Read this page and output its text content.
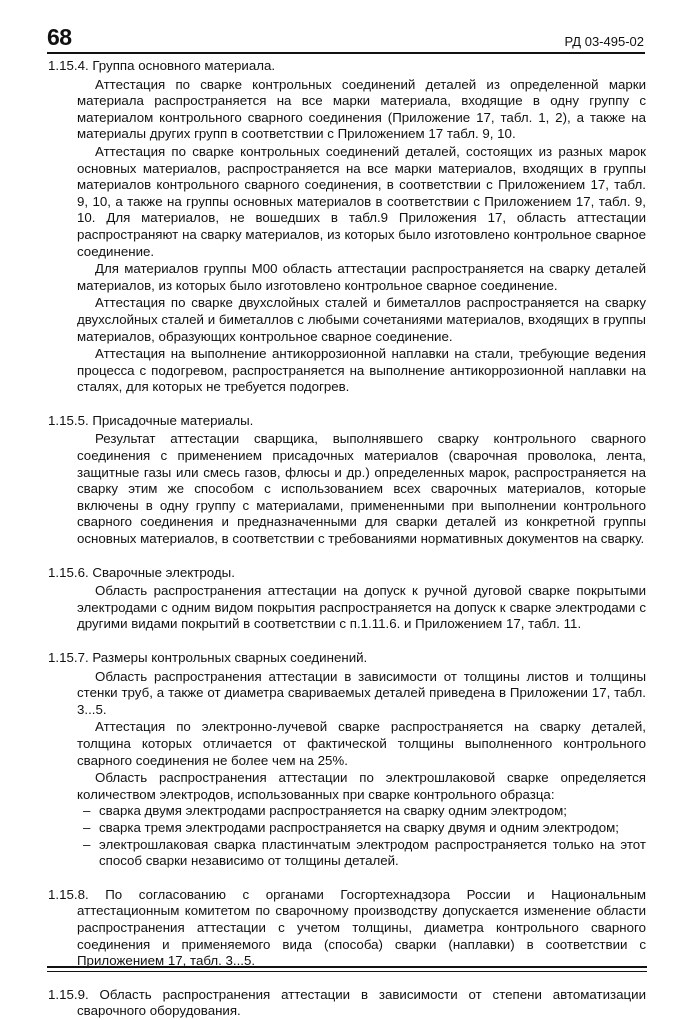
68	РД 03-495-02

1.15.4. Группа основного материала.

Аттестация по сварке контрольных соединений деталей из определенной марки материала распространяется на все марки материала, входящие в одну группу с материалом контрольного сварного соединения (Приложение 17, табл. 1, 2), а также на материалы других групп в соответствии с Приложением 17 табл. 9, 10.

Аттестация по сварке контрольных соединений деталей, состоящих из разных марок основных материалов, распространяется на все марки материалов, входящих в группы материалов контрольного сварного соединения, в соответствии с Приложением 17, табл. 9, 10, а также на группы основных материалов в соответствии с Приложением 17, табл. 9, 10. Для материалов, не вошедших в табл.9 Приложения 17, область аттестации распространяют на сварку материалов, из которых было изготовлено контрольное сварное соединение.

Для материалов группы М00 область аттестации распространяется на сварку деталей материалов, из которых было изготовлено контрольное сварное соединение.

Аттестация по сварке двухслойных сталей и биметаллов распространяется на сварку двухслойных сталей и биметаллов с любыми сочетаниями материалов, входящих в группы материалов, образующих контрольное сварное соединение.

Аттестация на выполнение антикоррозионной наплавки на стали, требующие ведения процесса с подогревом, распространяется на выполнение антикоррозионной наплавки на сталях, для которых не требуется подогрев.

1.15.5. Присадочные материалы.

Результат аттестации сварщика, выполнявшего сварку контрольного сварного соединения с применением присадочных материалов (сварочная проволока, лента, защитные газы или смесь газов, флюсы и др.) определенных марок, распространяется на сварку этим же способом с использованием всех сварочных материалов, которые включены в одну группу с материалами, примененными при выполнении контрольного сварного соединения и предназначенными для сварки деталей из конкретной группы основных материалов, в соответствии с требованиями нормативных документов на сварку.

1.15.6. Сварочные электроды.

Область распространения аттестации на допуск к ручной дуговой сварке покрытыми электродами с одним видом покрытия распространяется на допуск к сварке электродами с другими видами покрытий в соответствии с п.1.11.6. и Приложением 17, табл. 11.

1.15.7. Размеры контрольных сварных соединений.

Область распространения аттестации в зависимости от толщины листов и толщины стенки труб, а также от диаметра свариваемых деталей приведена в Приложении 17, табл. 3...5.

Аттестация по электронно-лучевой сварке распространяется на сварку деталей, толщина которых отличается от фактической толщины выполненного контрольного сварного соединения не более чем на 25%.

Область распространения аттестации по электрошлаковой сварке определяется количеством электродов, использованных при сварке контрольного образца:

– сварка двумя электродами распространяется на сварку одним электродом;
– сварка тремя электродами распространяется на сварку двумя и одним электродом;
– электрошлаковая сварка пластинчатым электродом распространяется только на этот способ сварки независимо от толщины деталей.

1.15.8. По согласованию с органами Госгортехнадзора России и Национальным аттестационным комитетом по сварочному производству допускается изменение области распространения аттестации с учетом толщины, диаметра контрольного сварного соединения и применяемого вида (способа) сварки (наплавки) в соответствии с Приложением 17, табл. 3...5.

1.15.9. Область распространения аттестации в зависимости от степени автоматизации сварочного оборудования.
